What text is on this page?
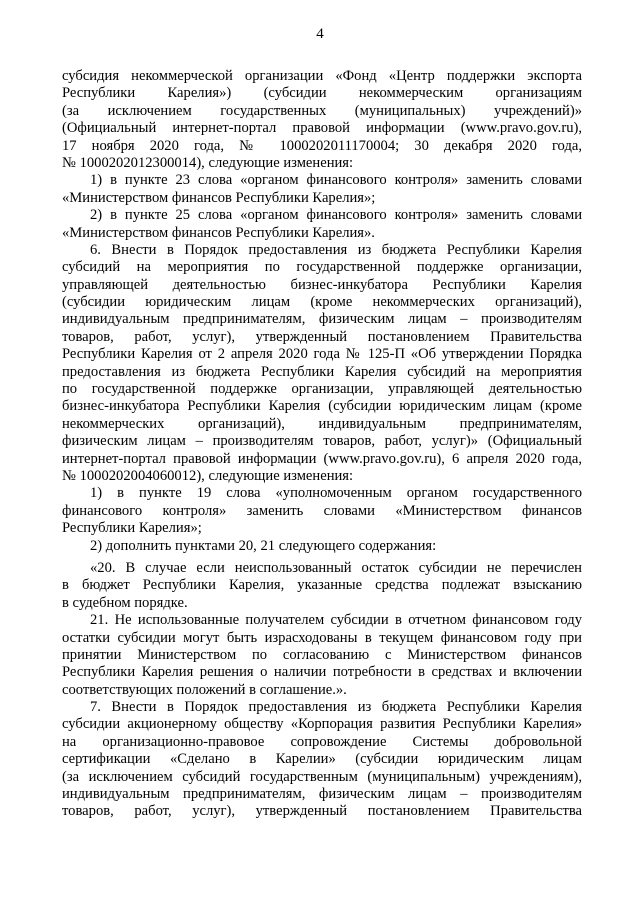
4
субсидия некоммерческой организации «Фонд «Центр поддержки экспорта
Республики Карелия») (субсидии некоммерческим организациям
(за исключением государственных (муниципальных) учреждений)»
(Официальный интернет-портал правовой информации (www.pravo.gov.ru),
17 ноября 2020 года, № 1000202011170004; 30 декабря 2020 года,
№ 1000202012300014), следующие изменения:
1) в пункте 23 слова «органом финансового контроля» заменить словами
«Министерством финансов Республики Карелия»;
2) в пункте 25 слова «органом финансового контроля» заменить словами
«Министерством финансов Республики Карелия».
6. Внести в Порядок предоставления из бюджета Республики Карелия
субсидий на мероприятия по государственной поддержке организации,
управляющей деятельностью бизнес-инкубатора Республики Карелия
(субсидии юридическим лицам (кроме некоммерческих организаций),
индивидуальным предпринимателям, физическим лицам – производителям
товаров, работ, услуг), утвержденный постановлением Правительства
Республики Карелия от 2 апреля 2020 года № 125-П «Об утверждении Порядка
предоставления из бюджета Республики Карелия субсидий на мероприятия
по государственной поддержке организации, управляющей деятельностью
бизнес-инкубатора Республики Карелия (субсидии юридическим лицам (кроме
некоммерческих организаций), индивидуальным предпринимателям,
физическим лицам – производителям товаров, работ, услуг)» (Официальный
интернет-портал правовой информации (www.pravo.gov.ru), 6 апреля 2020 года,
№ 1000202004060012), следующие изменения:
1) в пункте 19 слова «уполномоченным органом государственного
финансового контроля» заменить словами «Министерством финансов
Республики Карелия»;
2) дополнить пунктами 20, 21 следующего содержания:
«20. В случае если неиспользованный остаток субсидии не перечислен
в бюджет Республики Карелия, указанные средства подлежат взысканию
в судебном порядке.
21. Не использованные получателем субсидии в отчетном финансовом году
остатки субсидии могут быть израсходованы в текущем финансовом году при
принятии Министерством по согласованию с Министерством финансов
Республики Карелия решения о наличии потребности в средствах и включении
соответствующих положений в соглашение.».
7. Внести в Порядок предоставления из бюджета Республики Карелия
субсидии акционерному обществу «Корпорация развития Республики Карелия»
на организационно-правовое сопровождение Системы добровольной
сертификации «Сделано в Карелии» (субсидии юридическим лицам
(за исключением субсидий государственным (муниципальным) учреждениям),
индивидуальным предпринимателям, физическим лицам – производителям
товаров, работ, услуг), утвержденный постановлением Правительства
